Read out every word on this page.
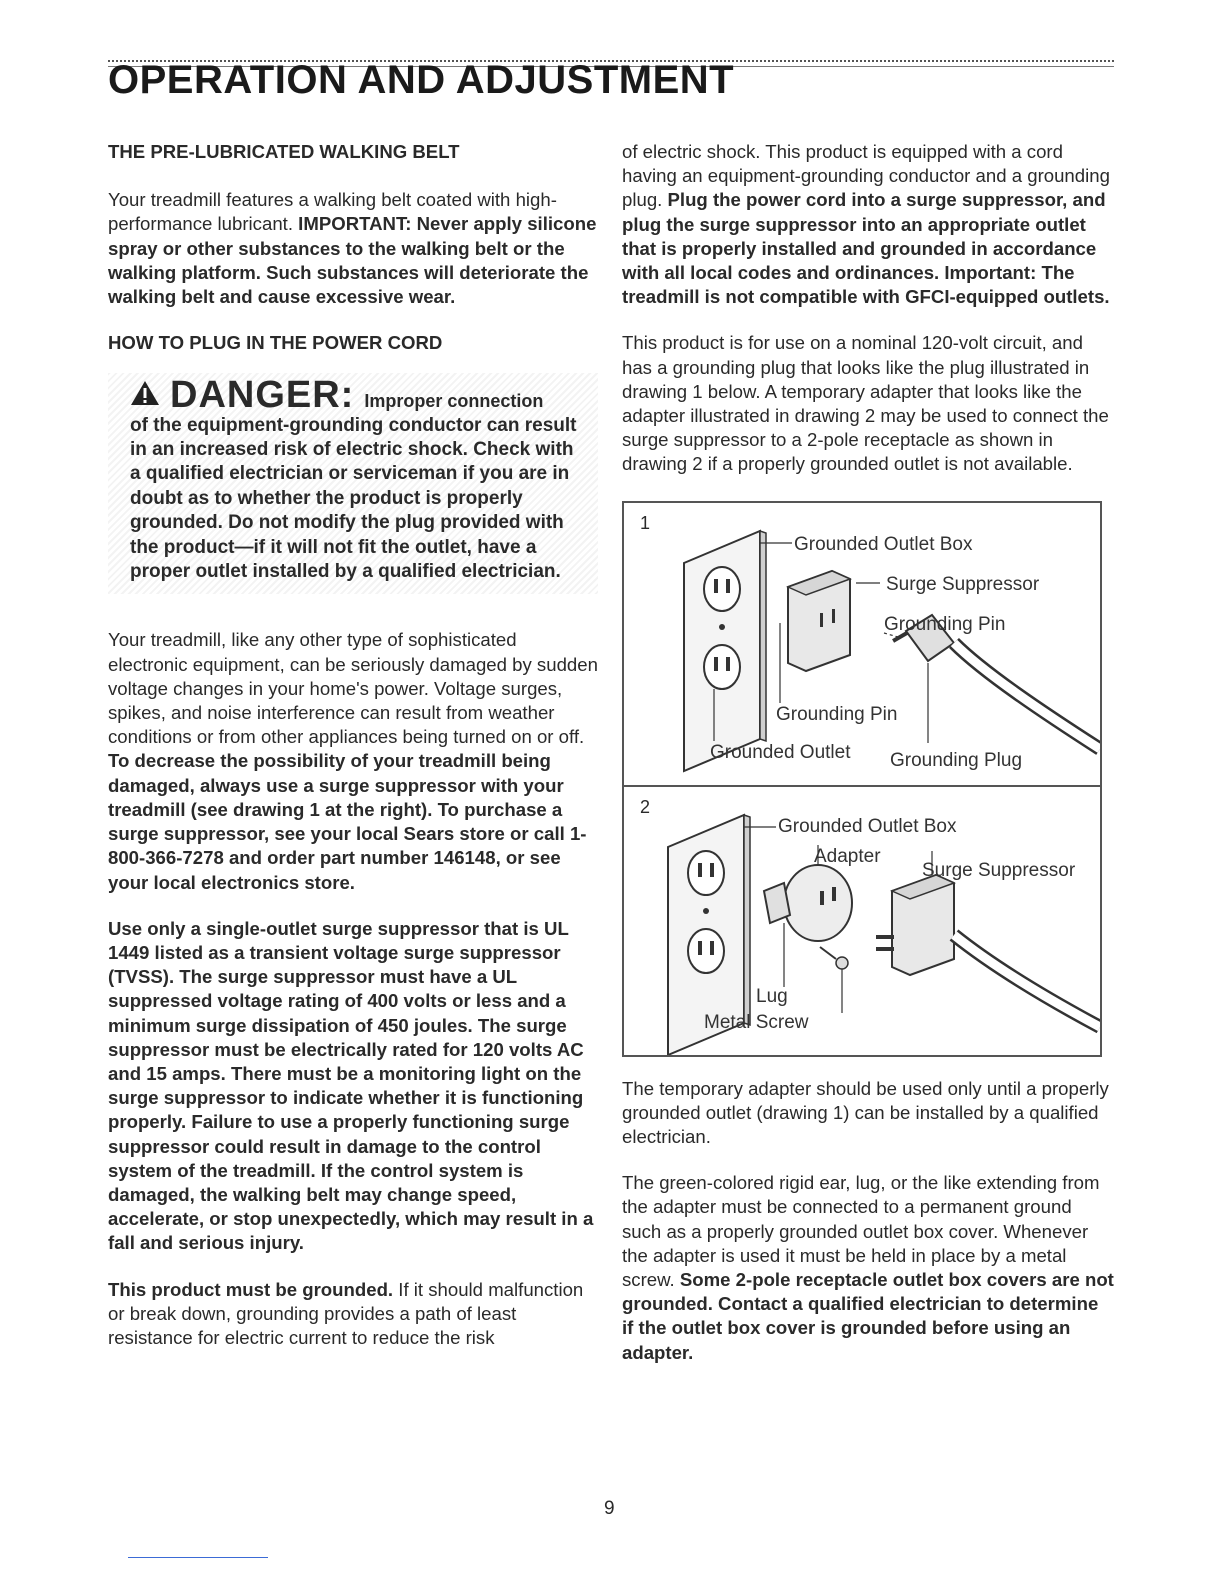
OPERATION AND ADJUSTMENT
THE PRE-LUBRICATED WALKING BELT

Your treadmill features a walking belt coated with high-performance lubricant. IMPORTANT: Never apply silicone spray or other substances to the walking belt or the walking platform. Such substances will deteriorate the walking belt and cause excessive wear.

HOW TO PLUG IN THE POWER CORD
DANGER: Improper connection
of the equipment-grounding conductor can result in an increased risk of electric shock. Check with a qualified electrician or serviceman if you are in doubt as to whether the product is properly grounded. Do not modify the plug provided with the product—if it will not fit the outlet, have a proper outlet installed by a qualified electrician.

Your treadmill, like any other type of sophisticated electronic equipment, can be seriously damaged by sudden voltage changes in your home's power. Voltage surges, spikes, and noise interference can result from weather conditions or from other appliances being turned on or off. To decrease the possibility of your treadmill being damaged, always use a surge suppressor with your treadmill (see drawing 1 at the right). To purchase a surge suppressor, see your local Sears store or call 1-800-366-7278 and order part number 146148, or see your local electronics store.

Use only a single-outlet surge suppressor that is UL 1449 listed as a transient voltage surge suppressor (TVSS). The surge suppressor must have a UL suppressed voltage rating of 400 volts or less and a minimum surge dissipation of 450 joules. The surge suppressor must be electrically rated for 120 volts AC and 15 amps. There must be a monitoring light on the surge suppressor to indicate whether it is functioning properly. Failure to use a properly functioning surge suppressor could result in damage to the control system of the treadmill. If the control system is damaged, the walking belt may change speed, accelerate, or stop unexpectedly, which may result in a fall and serious injury.

This product must be grounded. If it should malfunction or break down, grounding provides a path of least resistance for electric current to reduce the risk

of electric shock. This product is equipped with a cord having an equipment-grounding conductor and a grounding plug. Plug the power cord into a surge suppressor, and plug the surge suppressor into an appropriate outlet that is properly installed and grounded in accordance with all local codes and ordinances. Important: The treadmill is not compatible with GFCI-equipped outlets.

This product is for use on a nominal 120-volt circuit, and has a grounding plug that looks like the plug illustrated in drawing 1 below. A temporary adapter that looks like the adapter illustrated in drawing 2 may be used to connect the surge suppressor to a 2-pole receptacle as shown in drawing 2 if a properly grounded outlet is not available.

1
Grounded Outlet Box
Surge Suppressor
Grounding Pin
Grounding Pin
Grounded Outlet Grounding Plug
2
Grounded Outlet Box
Adapter
Surge Suppressor
Lug
Metal Screw

The temporary adapter should be used only until a properly grounded outlet (drawing 1) can be installed by a qualified electrician.

The green-colored rigid ear, lug, or the like extending from the adapter must be connected to a permanent ground such as a properly grounded outlet box cover. Whenever the adapter is used it must be held in place by a metal screw. Some 2-pole receptacle outlet box covers are not grounded. Contact a qualified electrician to determine if the outlet box cover is grounded before using an adapter.

9
